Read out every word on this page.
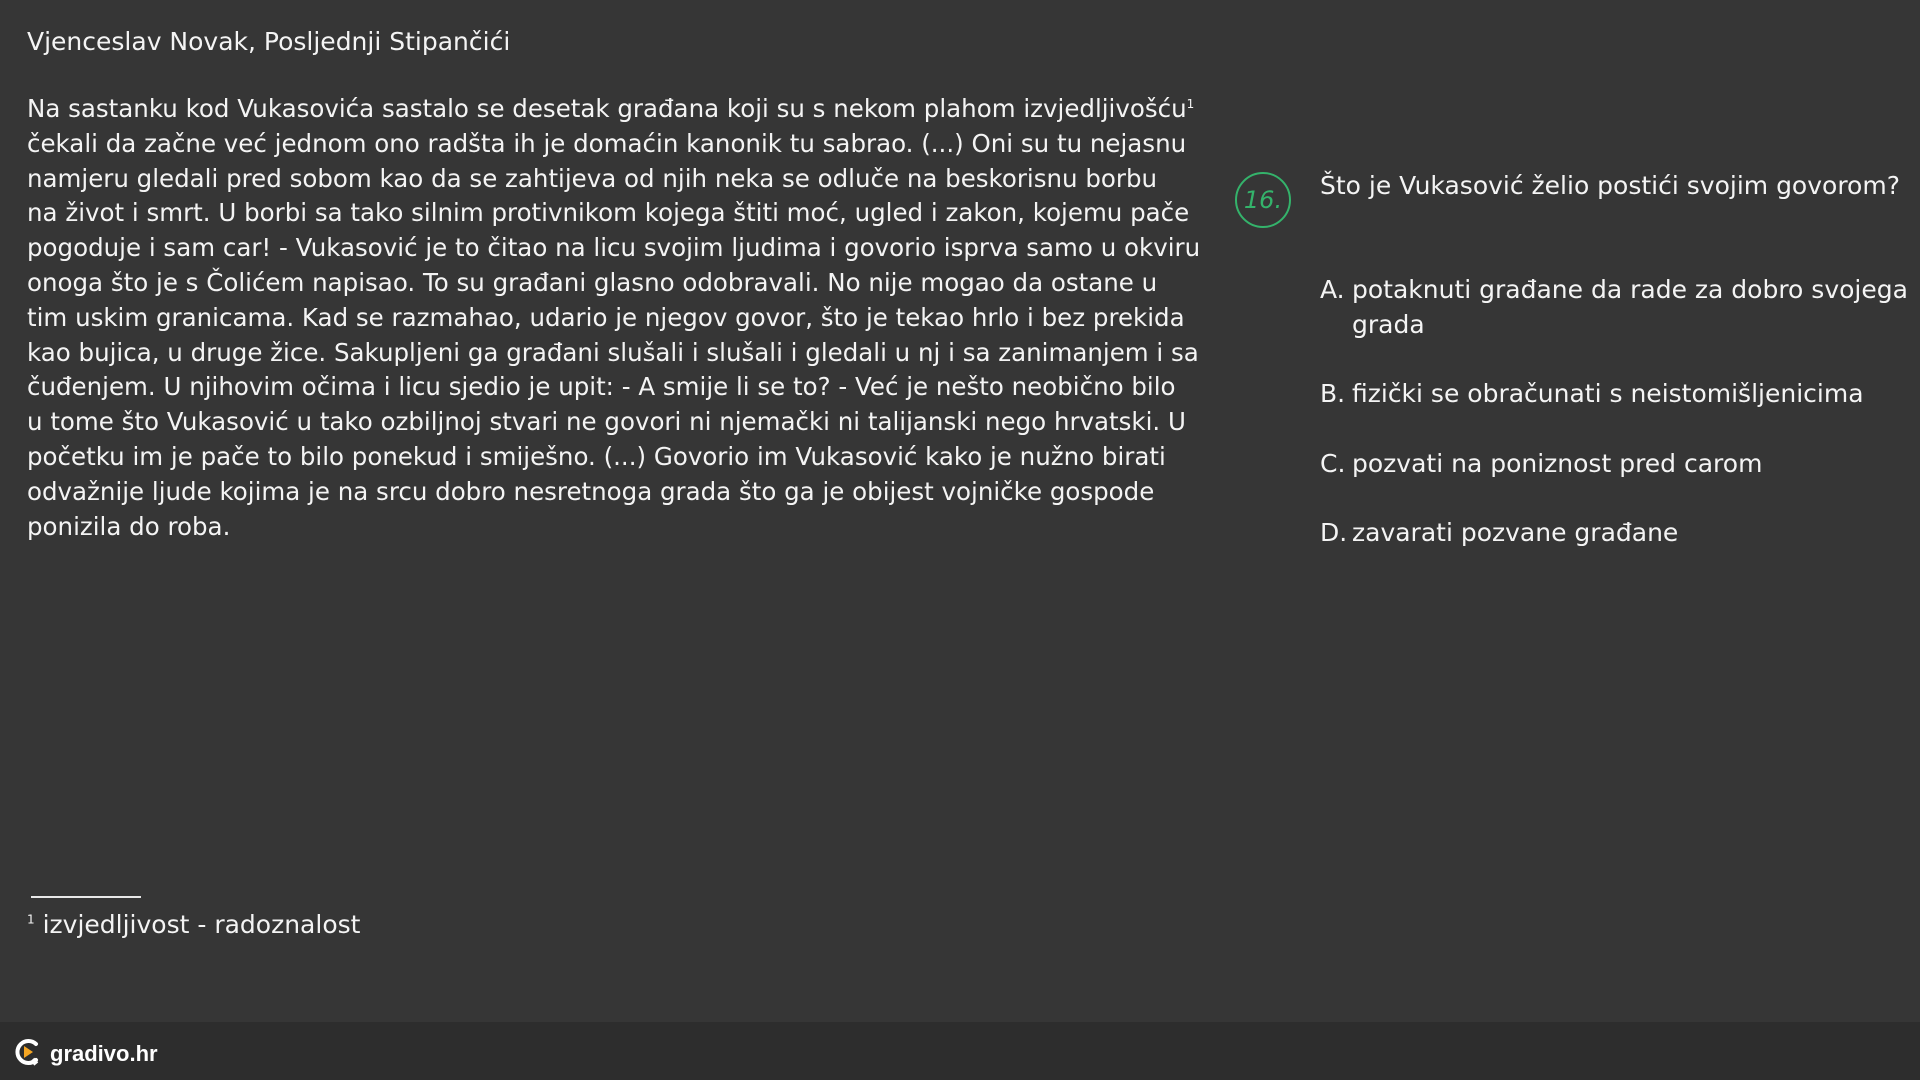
Vjenceslav Novak, Posljednji Stipančići
Na sastanku kod Vukasovića sastalo se desetak građana koji su s nekom plahom izvjedljivošću$^1$
čekali da začne već jednom ono radšta ih je domaćin kanonik tu sabrao. (...) Oni su tu nejasnu
namjeru gledali pred sobom kao da se zahtijeva od njih neka se odluče na beskorisnu borbu
na život i smrt. U borbi sa tako silnim protivnikom kojega štiti moć, ugled i zakon, kojemu pače
pogoduje i sam car! - Vukasović je to čitao na licu svojim ljudima i govorio isprva samo u okviru
onoga što je s Čolićem napisao. To su građani glasno odobravali. No nije mogao da ostane u
tim uskim granicama. Kad se razmahao, udario je njegov govor, što je tekao hrlo i bez prekida
kao bujica, u druge žice. Sakupljeni ga građani slušali i slušali i gledali u nj i sa zanimanjem i sa
čuđenjem. U njihovim očima i licu sjedio je upit: - A smije li se to? - Već je nešto neobično bilo
u tome što Vukasović u tako ozbiljnoj stvari ne govori ni njemački ni talijanski nego hrvatski. U
početku im je pače to bilo ponekud i smiješno. (...) Govorio im Vukasović kako je nužno birati
odvažnije ljude kojima je na srcu dobro nesretnoga grada što ga je obijest vojničke gospode
ponizila do roba.
16.	Što je Vukasović želio postići svojim govorom?
A. potaknuti građane da rade za dobro svojega grada
B. fizički se obračunati s neistomišljenicima
C. pozvati na poniznost pred carom
D. zavarati pozvane građane
$^1$ izvjedljivost - radoznalost
gradivo.hr
